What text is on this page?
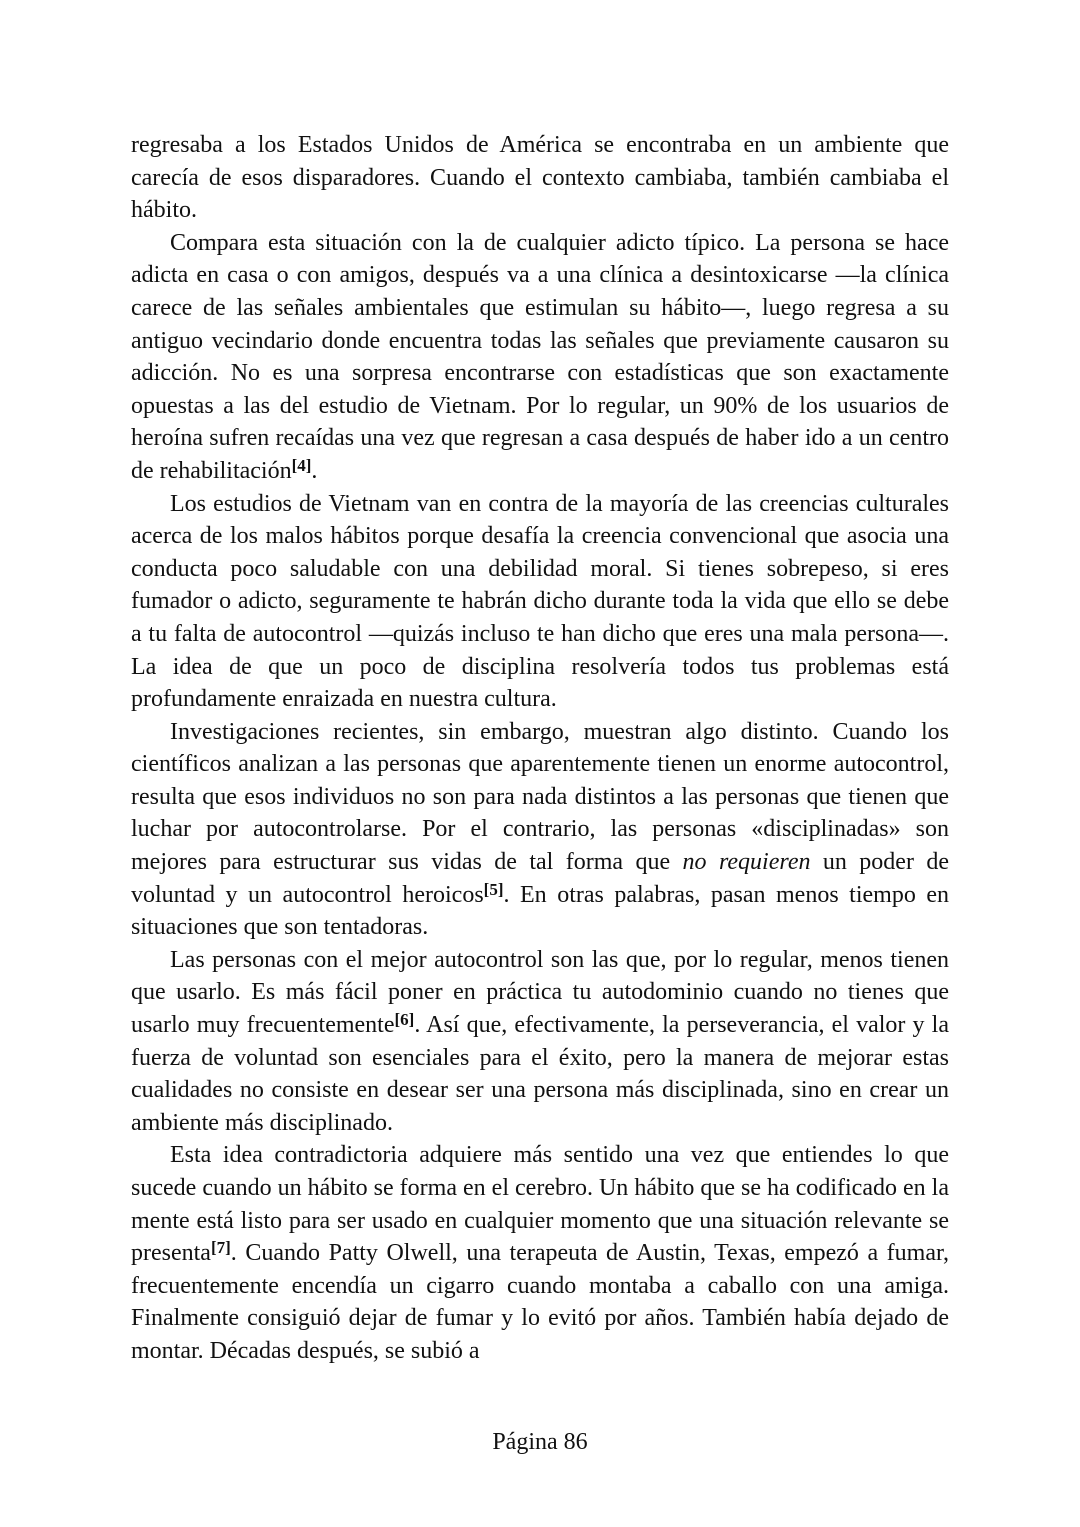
regresaba a los Estados Unidos de América se encontraba en un ambiente que carecía de esos disparadores. Cuando el contexto cambiaba, también cambiaba el hábito.

Compara esta situación con la de cualquier adicto típico. La persona se hace adicta en casa o con amigos, después va a una clínica a desintoxicarse —la clínica carece de las señales ambientales que estimulan su hábito—, luego regresa a su antiguo vecindario donde encuentra todas las señales que previamente causaron su adicción. No es una sorpresa encontrarse con estadísticas que son exactamente opuestas a las del estudio de Vietnam. Por lo regular, un 90% de los usuarios de heroína sufren recaídas una vez que regresan a casa después de haber ido a un centro de rehabilitación[4].

Los estudios de Vietnam van en contra de la mayoría de las creencias culturales acerca de los malos hábitos porque desafía la creencia convencional que asocia una conducta poco saludable con una debilidad moral. Si tienes sobrepeso, si eres fumador o adicto, seguramente te habrán dicho durante toda la vida que ello se debe a tu falta de autocontrol —quizás incluso te han dicho que eres una mala persona—. La idea de que un poco de disciplina resolvería todos tus problemas está profundamente enraizada en nuestra cultura.

Investigaciones recientes, sin embargo, muestran algo distinto. Cuando los científicos analizan a las personas que aparentemente tienen un enorme autocontrol, resulta que esos individuos no son para nada distintos a las personas que tienen que luchar por autocontrolarse. Por el contrario, las personas «disciplinadas» son mejores para estructurar sus vidas de tal forma que no requieren un poder de voluntad y un autocontrol heroicos[5]. En otras palabras, pasan menos tiempo en situaciones que son tentadoras.

Las personas con el mejor autocontrol son las que, por lo regular, menos tienen que usarlo. Es más fácil poner en práctica tu autodominio cuando no tienes que usarlo muy frecuentemente[6]. Así que, efectivamente, la perseverancia, el valor y la fuerza de voluntad son esenciales para el éxito, pero la manera de mejorar estas cualidades no consiste en desear ser una persona más disciplinada, sino en crear un ambiente más disciplinado.

Esta idea contradictoria adquiere más sentido una vez que entiendes lo que sucede cuando un hábito se forma en el cerebro. Un hábito que se ha codificado en la mente está listo para ser usado en cualquier momento que una situación relevante se presenta[7]. Cuando Patty Olwell, una terapeuta de Austin, Texas, empezó a fumar, frecuentemente encendía un cigarro cuando montaba a caballo con una amiga. Finalmente consiguió dejar de fumar y lo evitó por años. También había dejado de montar. Décadas después, se subió a

Página 86
